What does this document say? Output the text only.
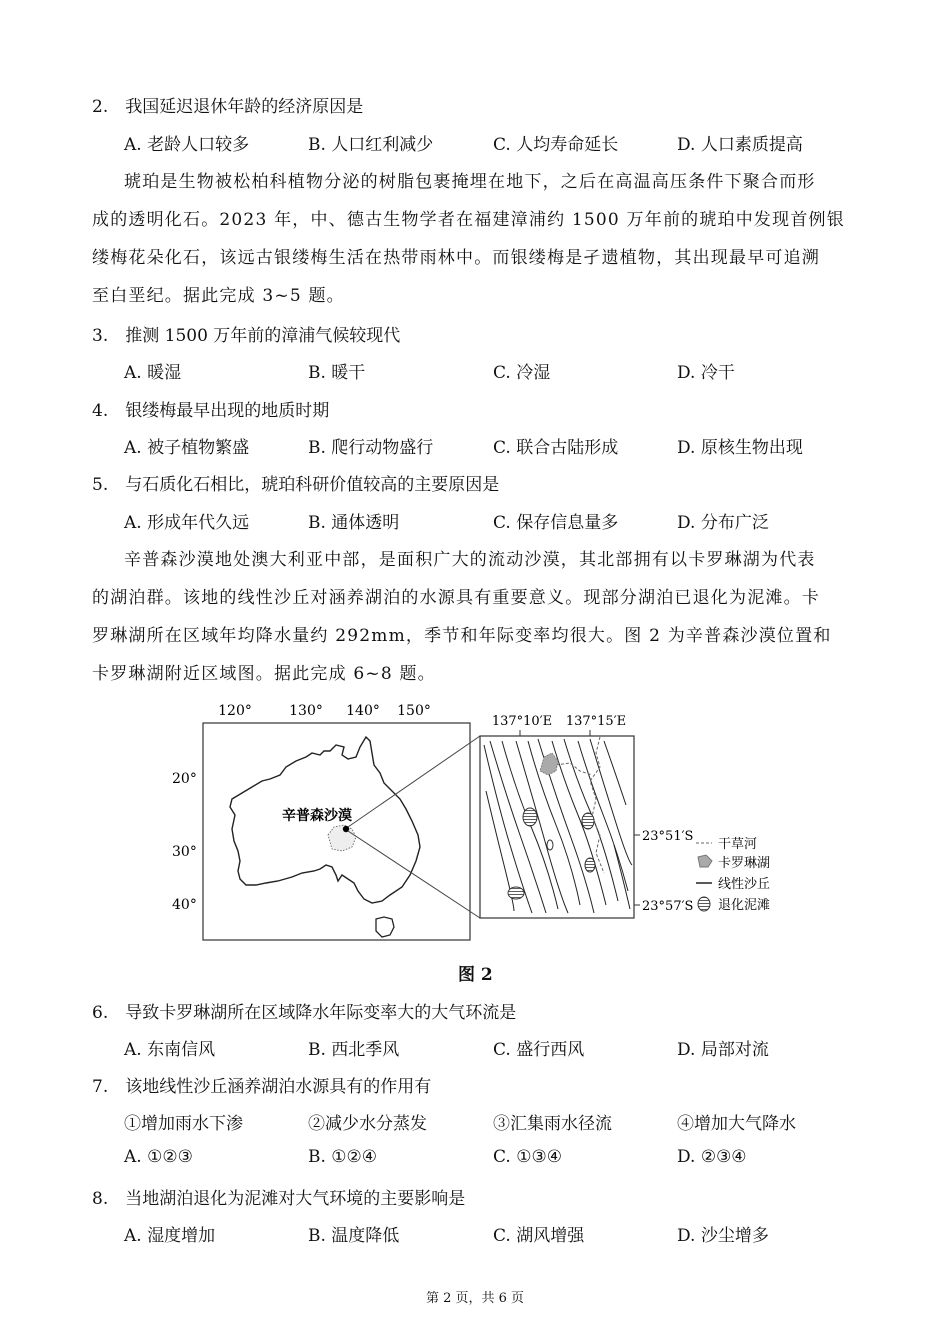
2. 我国延迟退休年龄的经济原因是
A. 老龄人口较多	B. 人口红利减少	C. 人均寿命延长	D. 人口素质提高
琥珀是生物被松柏科植物分泌的树脂包裹掩埋在地下，之后在高温高压条件下聚合而形
成的透明化石。2023 年，中、德古生物学者在福建漳浦约 1500 万年前的琥珀中发现首例银
缕梅花朵化石，该远古银缕梅生活在热带雨林中。而银缕梅是孑遗植物，其出现最早可追溯
至白垩纪。据此完成 3~5 题。
3. 推测 1500 万年前的漳浦气候较现代
A. 暖湿	B. 暖干	C. 冷湿	D. 冷干
4. 银缕梅最早出现的地质时期
A. 被子植物繁盛	B. 爬行动物盛行	C. 联合古陆形成	D. 原核生物出现
5. 与石质化石相比，琥珀科研价值较高的主要原因是
A. 形成年代久远	B. 通体透明	C. 保存信息量多	D. 分布广泛
辛普森沙漠地处澳大利亚中部，是面积广大的流动沙漠，其北部拥有以卡罗琳湖为代表
的湖泊群。该地的线性沙丘对涵养湖泊的水源具有重要意义。现部分湖泊已退化为泥滩。卡
罗琳湖所在区域年均降水量约 292mm，季节和年际变率均很大。图 2 为辛普森沙漠位置和
卡罗琳湖附近区域图。据此完成 6~8 题。
120°	130° 140° 150°
20°
30°
40°
辛普森沙漠
137°10′E 137°15′E
23°51′S
23°57′S
干草河
卡罗琳湖
线性沙丘
退化泥滩
图 2
6. 导致卡罗琳湖所在区域降水年际变率大的大气环流是
A. 东南信风	B. 西北季风	C. 盛行西风	D. 局部对流
7. 该地线性沙丘涵养湖泊水源具有的作用有
①增加雨水下渗	②减少水分蒸发	③汇集雨水径流	④增加大气降水
A. ①②③	B. ①②④	C. ①③④	D. ②③④
8. 当地湖泊退化为泥滩对大气环境的主要影响是
A. 湿度增加	B. 温度降低	C. 湖风增强	D. 沙尘增多
第 2 页，共 6 页
